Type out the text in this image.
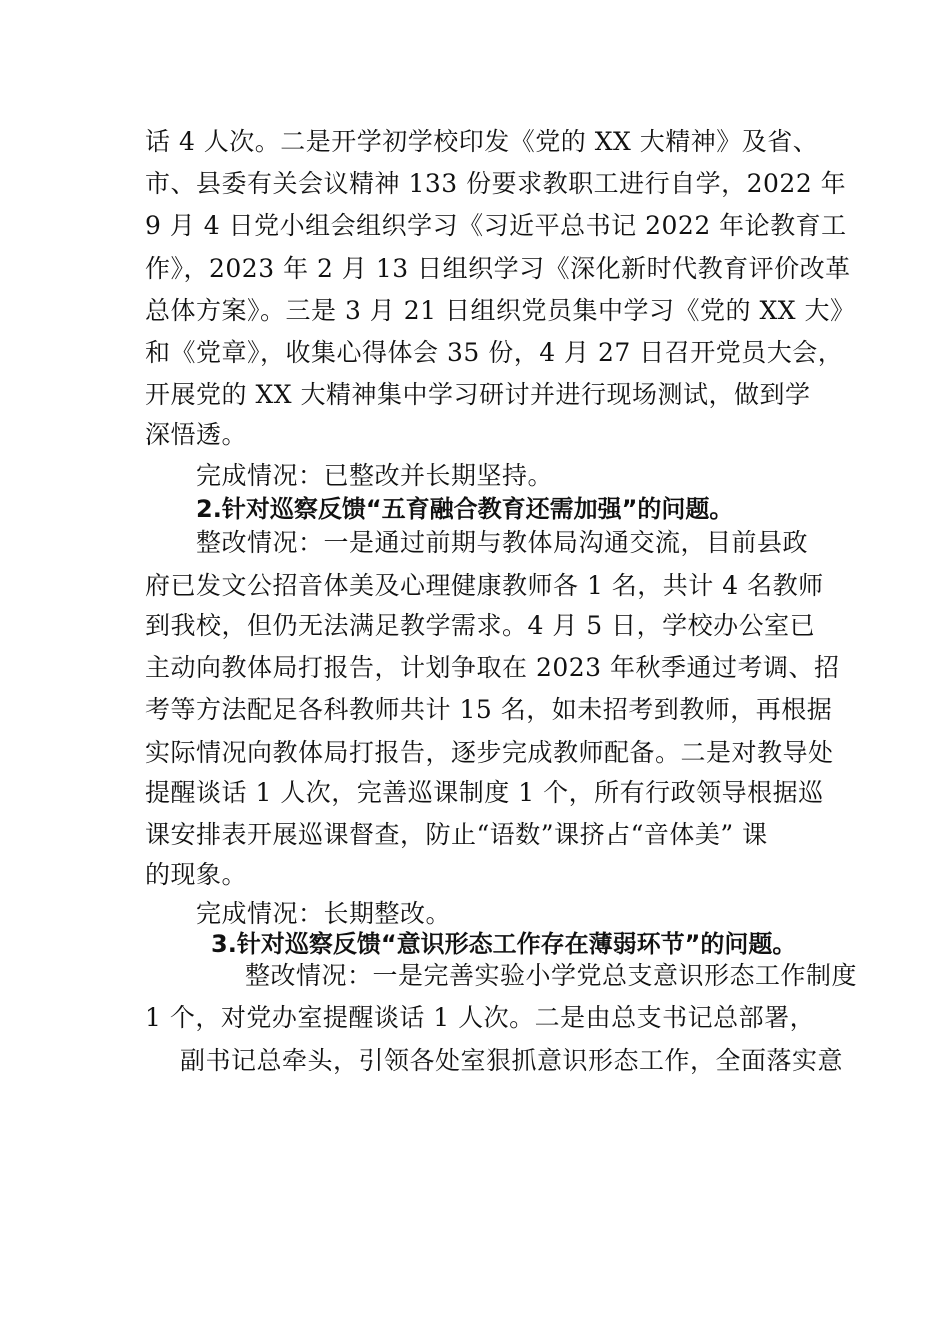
话 4 人次。二是开学初学校印发《党的 XX 大精神》及省、
市、县委有关会议精神 133 份要求教职工进行自学，2022 年
9 月 4 日党小组会组织学习《习近平总书记 2022 年论教育工
作》，2023 年 2 月 13 日组织学习《深化新时代教育评价改革
总体方案》。三是 3 月 21 日组织党员集中学习《党的 XX 大》
和《党章》，收集心得体会 35 份，4 月 27 日召开党员大会，
开展党的 XX 大精神集中学习研讨并进行现场测试，做到学
深悟透。
完成情况：已整改并长期坚持。
2.针对巡察反馈“五育融合教育还需加强”的问题。
整改情况：一是通过前期与教体局沟通交流，目前县政
府已发文公招音体美及心理健康教师各 1 名，共计 4 名教师
到我校，但仍无法满足教学需求。4 月 5 日，学校办公室已
主动向教体局打报告，计划争取在 2023 年秋季通过考调、招
考等方法配足各科教师共计 15 名，如未招考到教师，再根据
实际情况向教体局打报告，逐步完成教师配备。二是对教导处
提醒谈话 1 人次，完善巡课制度 1 个，所有行政领导根据巡
课安排表开展巡课督查，防止“语数”课挤占“音体美” 课
的现象。
完成情况：长期整改。
3.针对巡察反馈“意识形态工作存在薄弱环节”的问题。
整改情况：一是完善实验小学党总支意识形态工作制度
1 个，对党办室提醒谈话 1 人次。二是由总支书记总部署，
副书记总牵头，引领各处室狠抓意识形态工作，全面落实意
